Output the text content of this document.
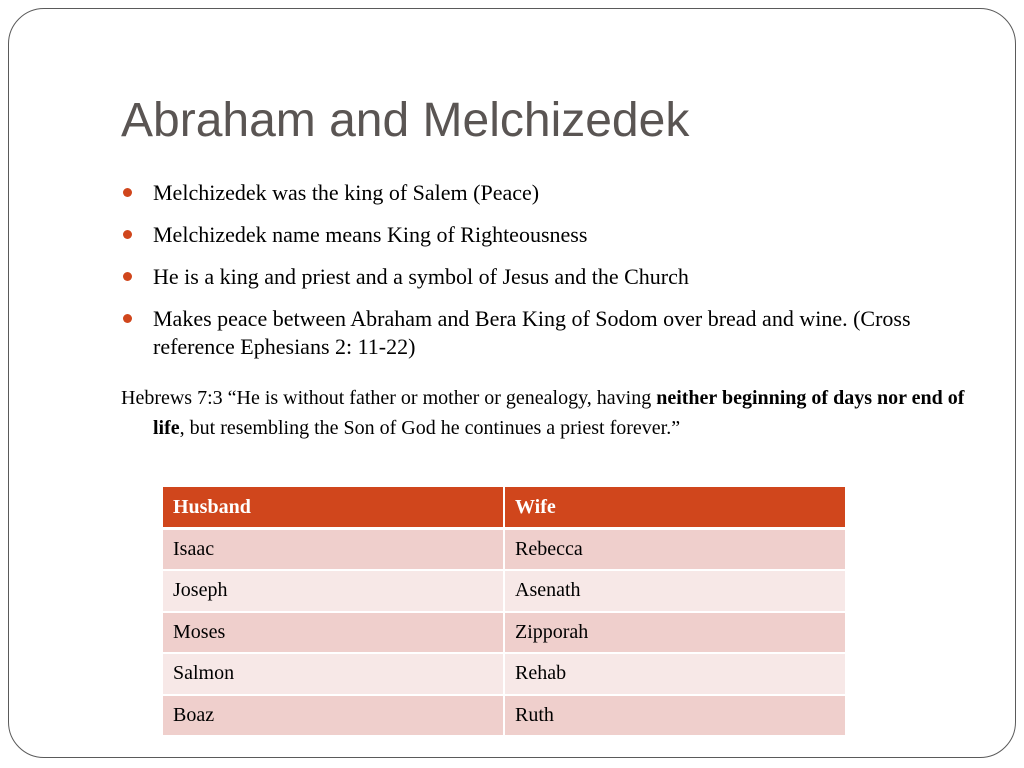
Abraham and Melchizedek
Melchizedek was the king of Salem (Peace)
Melchizedek name means King of Righteousness
He is a king and priest and a symbol of Jesus and the Church
Makes peace between Abraham and Bera King of Sodom over bread and wine. (Cross reference Ephesians 2: 11-22)

Hebrews 7:3 “He is without father or mother or genealogy, having neither beginning of days nor end of life, but resembling the Son of God he continues a priest forever.”

Husband	Wife
Isaac	Rebecca
Joseph	Asenath
Moses	Zipporah
Salmon	Rehab
Boaz	Ruth
